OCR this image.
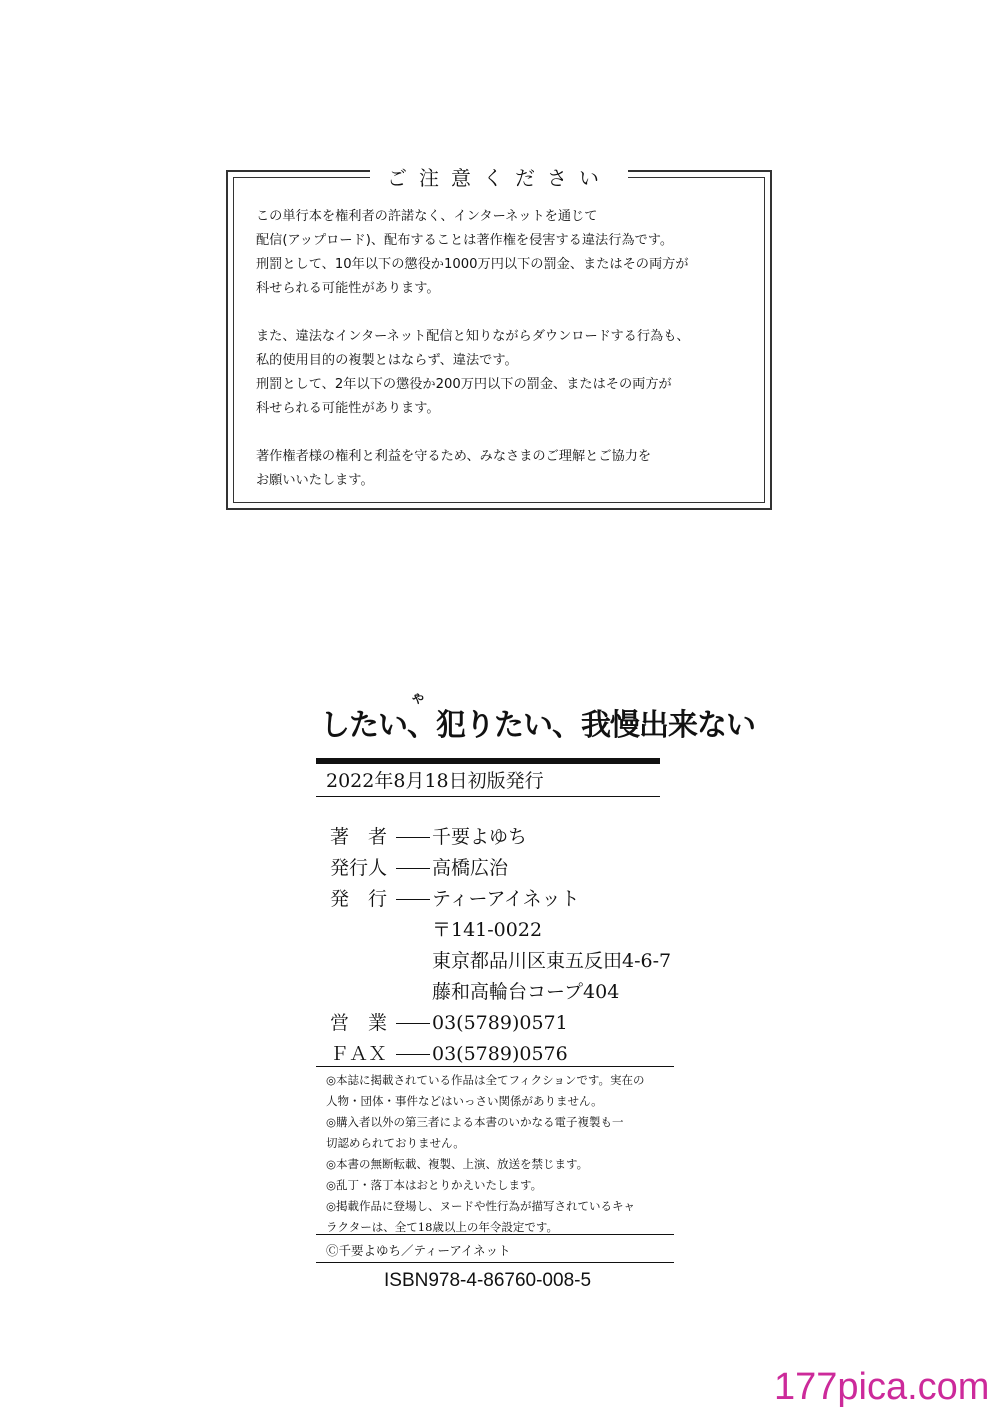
ご注意ください

この単行本を権利者の許諾なく、インターネットを通じて
配信(アップロード)、配布することは著作権を侵害する違法行為です。
刑罰として、10年以下の懲役か1000万円以下の罰金、またはその両方が
科せられる可能性があります。

また、違法なインターネット配信と知りながらダウンロードする行為も、
私的使用目的の複製とはならず、違法です。
刑罰として、2年以下の懲役か200万円以下の罰金、またはその両方が
科せられる可能性があります。

著作権者様の権利と利益を守るため、みなさまのご理解とご協力を
お願いいたします。

や
したい、犯りたい、我慢出来ない
2022年8月18日初版発行
著　者	千要よゆち
発行人	高橋広治
発　行	ティーアイネット
〒141-0022
東京都品川区東五反田4-6-7
藤和高輪台コープ404
営　業	03(5789)0571
ＦＡＸ	03(5789)0576
◎本誌に掲載されている作品は全てフィクションです。実在の
人物・団体・事件などはいっさい関係がありません。
◎購入者以外の第三者による本書のいかなる電子複製も一
切認められておりません。
◎本書の無断転載、複製、上演、放送を禁じます。
◎乱丁・落丁本はおとりかえいたします。
◎掲載作品に登場し、ヌードや性行為が描写されているキャ
ラクターは、全て18歳以上の年令設定です。
Ⓒ千要よゆち／ティーアイネット
ISBN978-4-86760-008-5
177pica.com
